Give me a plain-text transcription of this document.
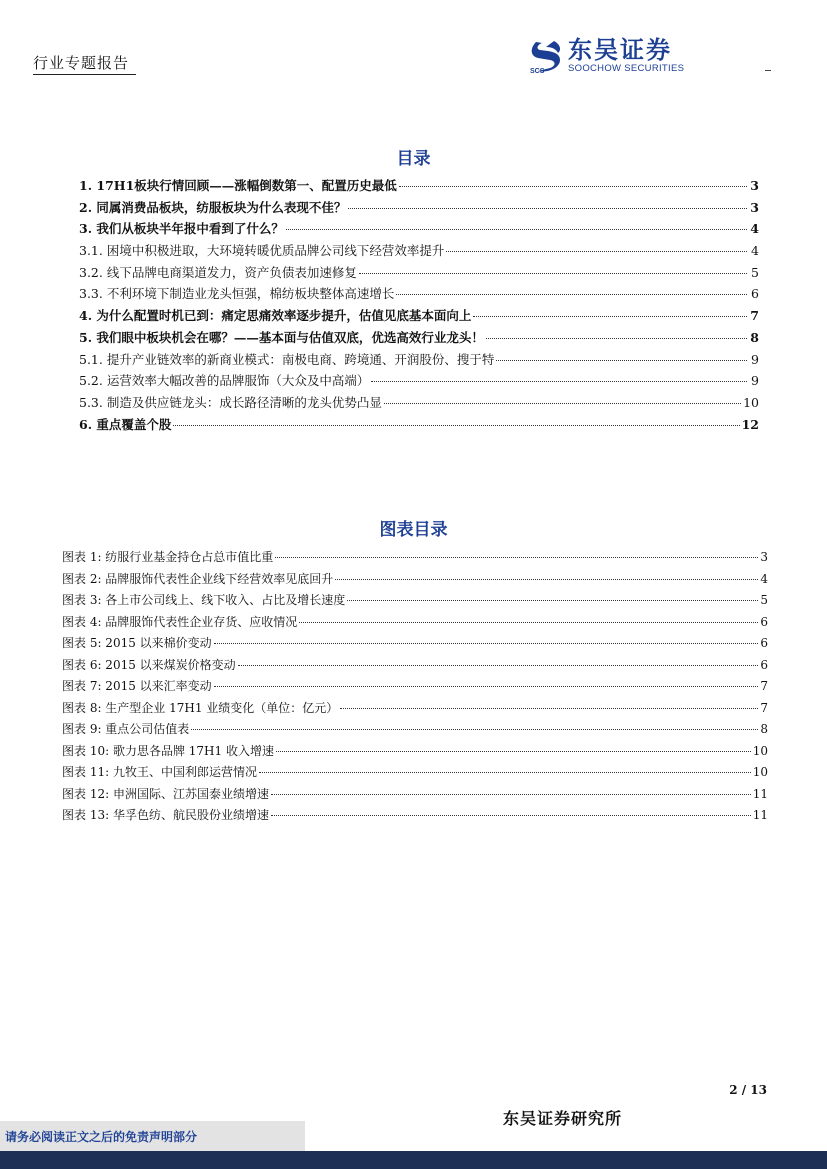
行业专题报告	SCS
东吴证券
SOOCHOW SECURITIES
目录
1. 17H1板块行情回顾——涨幅倒数第一、配置历史最低	3
2. 同属消费品板块，纺服板块为什么表现不佳？	3
3. 我们从板块半年报中看到了什么？	4
3.1. 困境中积极进取，大环境转暖优质品牌公司线下经营效率提升	4
3.2. 线下品牌电商渠道发力，资产负债表加速修复	5
3.3. 不利环境下制造业龙头恒强，棉纺板块整体高速增长	6
4. 为什么配置时机已到：痛定思痛效率逐步提升，估值见底基本面向上	7
5. 我们眼中板块机会在哪？——基本面与估值双底，优选高效行业龙头！	8
5.1. 提升产业链效率的新商业模式：南极电商、跨境通、开润股份、搜于特	9
5.2. 运营效率大幅改善的品牌服饰（大众及中高端）	9
5.3. 制造及供应链龙头：成长路径清晰的龙头优势凸显	10
6. 重点覆盖个股	12
图表目录
图表 1: 纺服行业基金持仓占总市值比重	3
图表 2: 品牌服饰代表性企业线下经营效率见底回升	4
图表 3: 各上市公司线上、线下收入、占比及增长速度	5
图表 4: 品牌服饰代表性企业存货、应收情况	6
图表 5: 2015 以来棉价变动	6
图表 6: 2015 以来煤炭价格变动	6
图表 7: 2015 以来汇率变动	7
图表 8: 生产型企业 17H1 业绩变化（单位：亿元）	7
图表 9: 重点公司估值表	8
图表 10: 歌力思各品牌 17H1 收入增速	10
图表 11: 九牧王、中国利郎运营情况	10
图表 12: 申洲国际、江苏国泰业绩增速	11
图表 13: 华孚色纺、航民股份业绩增速	11
2 / 13
东吴证券研究所
请务必阅读正文之后的免责声明部分
